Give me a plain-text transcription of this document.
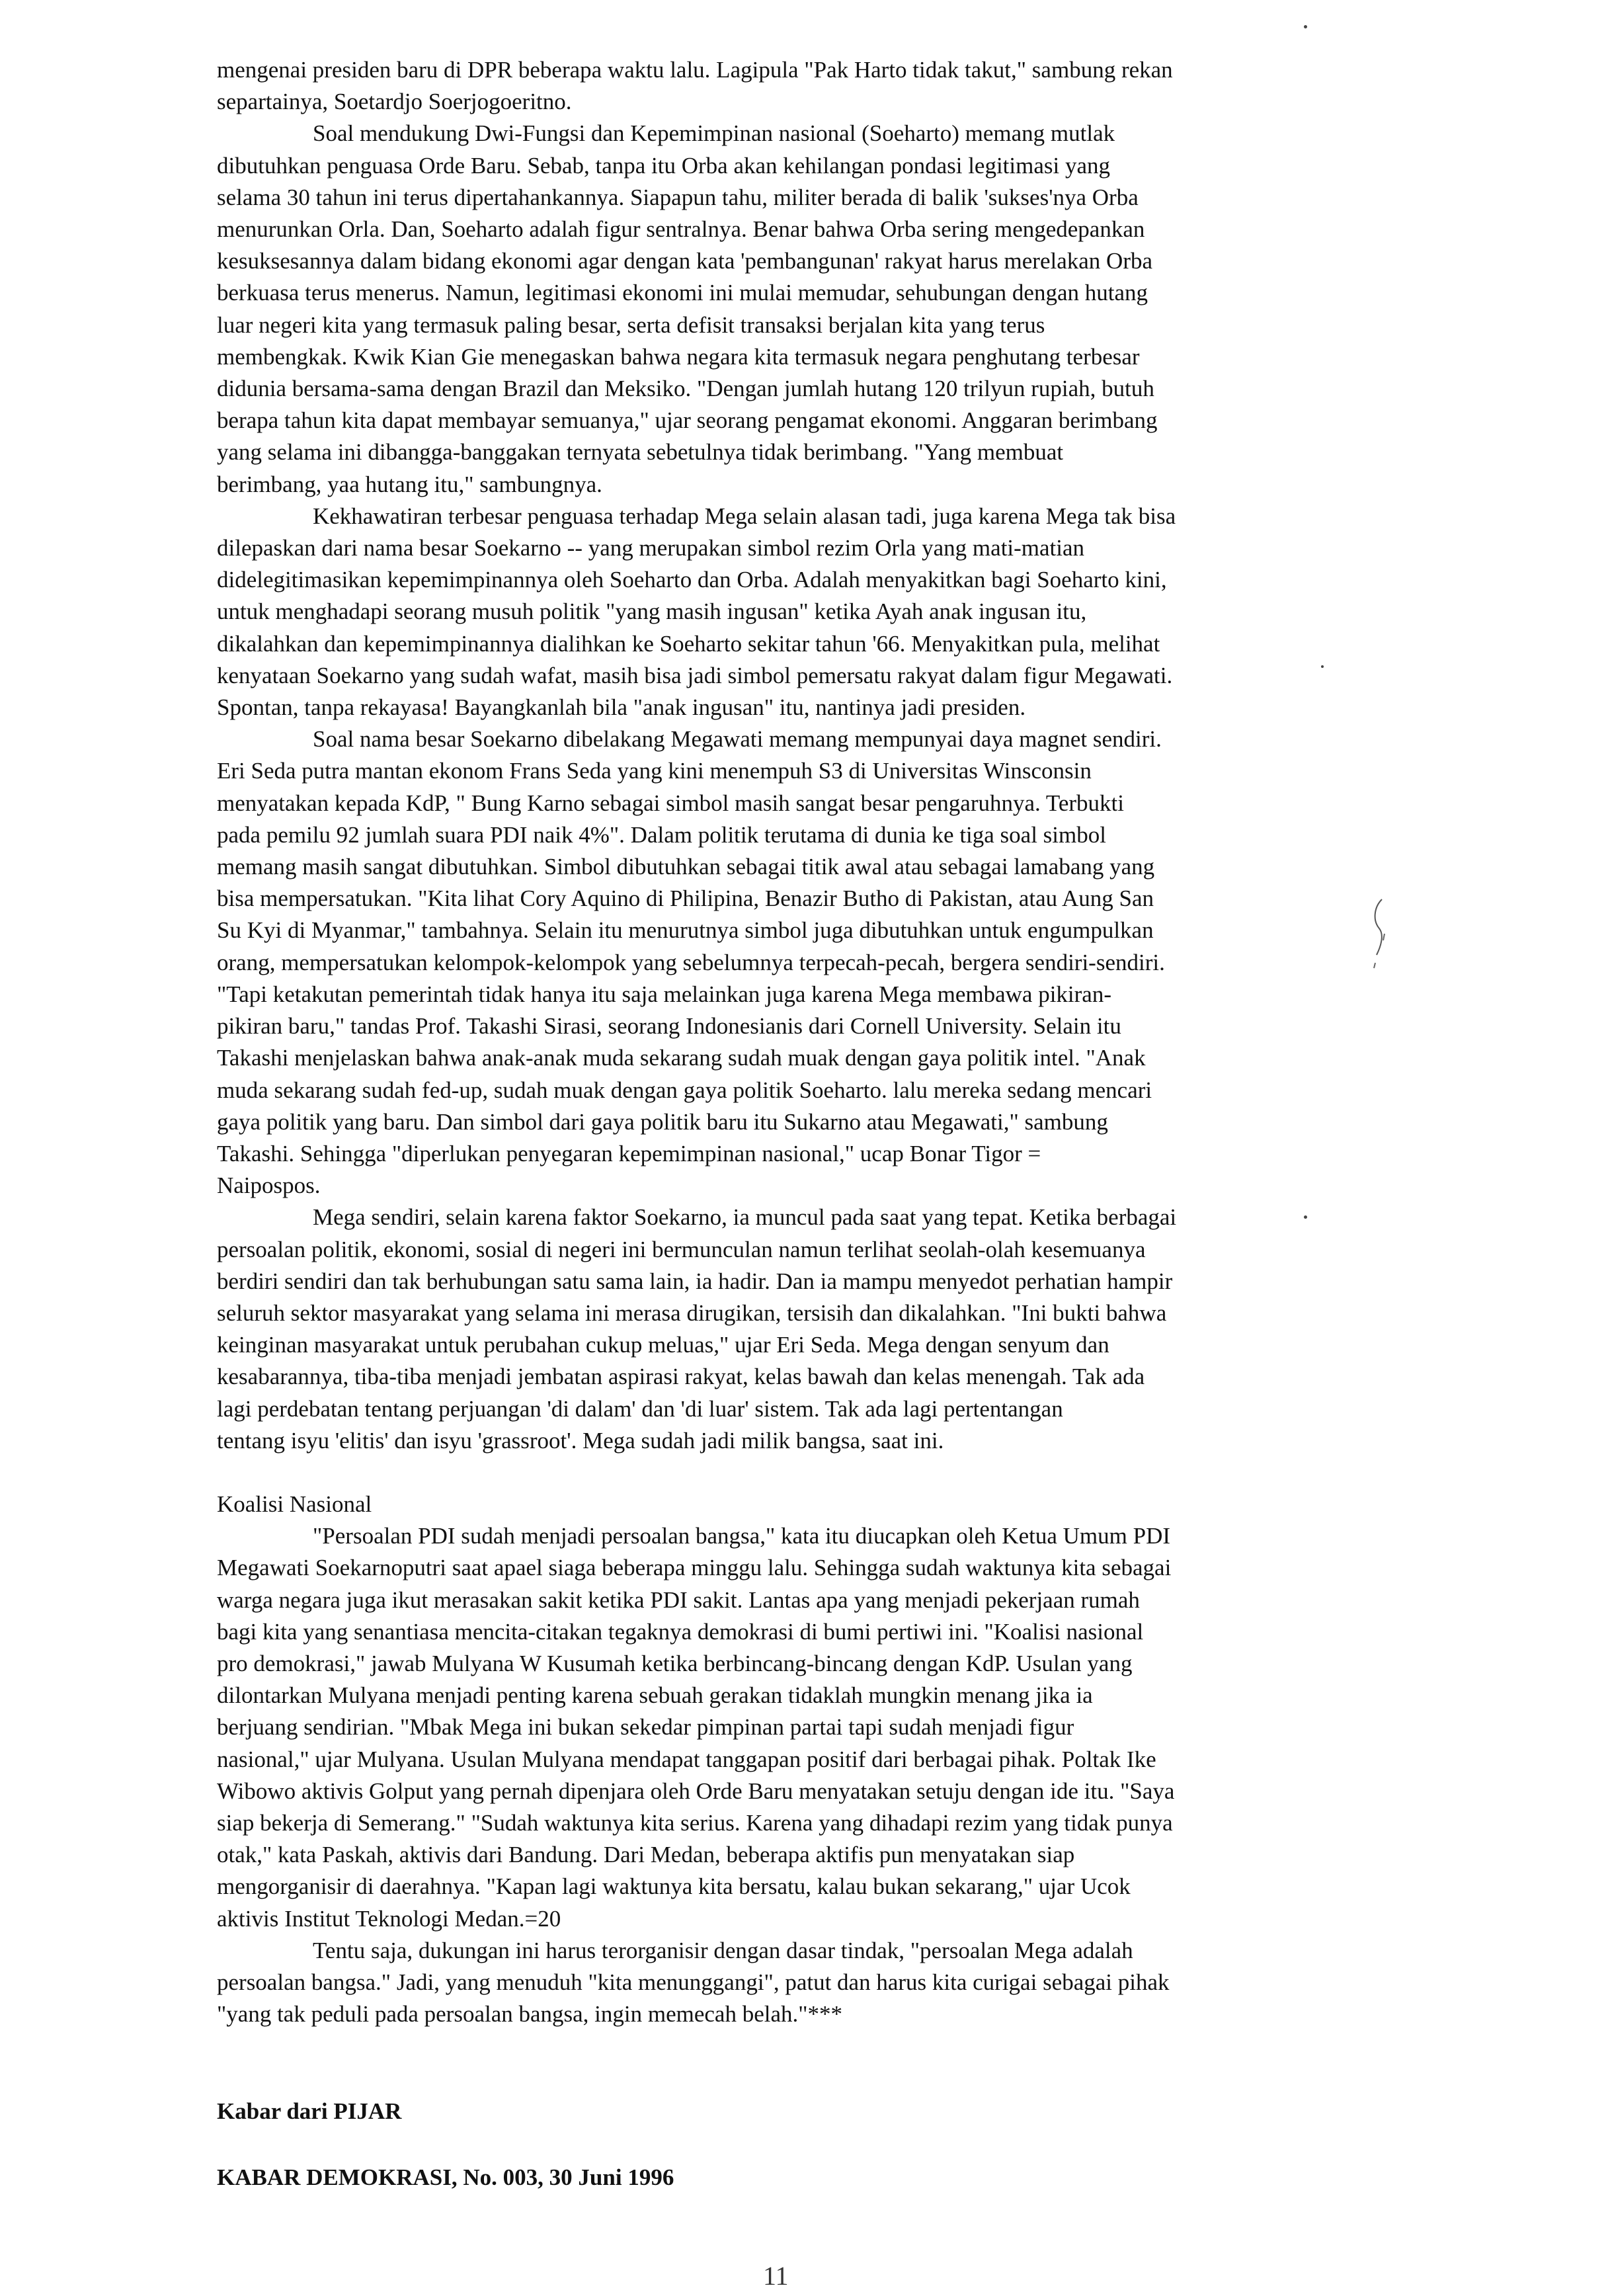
mengenai presiden baru di DPR beberapa waktu lalu. Lagipula "Pak Harto tidak takut," sambung rekan
separtainya, Soetardjo Soerjogoeritno.

Soal mendukung Dwi-Fungsi dan Kepemimpinan nasional (Soeharto) memang mutlak
dibutuhkan penguasa Orde Baru. Sebab, tanpa itu Orba akan kehilangan pondasi legitimasi yang
selama 30 tahun ini terus dipertahankannya. Siapapun tahu, militer berada di balik 'sukses'nya Orba
menurunkan Orla. Dan, Soeharto adalah figur sentralnya. Benar bahwa Orba sering mengedepankan
kesuksesannya dalam bidang ekonomi agar dengan kata 'pembangunan' rakyat harus merelakan Orba
berkuasa terus menerus. Namun, legitimasi ekonomi ini mulai memudar, sehubungan dengan hutang
luar negeri kita yang termasuk paling besar, serta defisit transaksi berjalan kita yang terus
membengkak. Kwik Kian Gie menegaskan bahwa negara kita termasuk negara penghutang terbesar
didunia bersama-sama dengan Brazil dan Meksiko. "Dengan jumlah hutang 120 trilyun rupiah, butuh
berapa tahun kita dapat membayar semuanya," ujar seorang pengamat ekonomi. Anggaran berimbang
yang selama ini dibangga-banggakan ternyata sebetulnya tidak berimbang. "Yang membuat
berimbang, yaa hutang itu," sambungnya.

Kekhawatiran terbesar penguasa terhadap Mega selain alasan tadi, juga karena Mega tak bisa
dilepaskan dari nama besar Soekarno -- yang merupakan simbol rezim Orla yang mati-matian
didelegitimasikan kepemimpinannya oleh Soeharto dan Orba. Adalah menyakitkan bagi Soeharto kini,
untuk menghadapi seorang musuh politik "yang masih ingusan" ketika Ayah anak ingusan itu,
dikalahkan dan kepemimpinannya dialihkan ke Soeharto sekitar tahun '66. Menyakitkan pula, melihat
kenyataan Soekarno yang sudah wafat, masih bisa jadi simbol pemersatu rakyat dalam figur Megawati.
Spontan, tanpa rekayasa! Bayangkanlah bila "anak ingusan" itu, nantinya jadi presiden.

Soal nama besar Soekarno dibelakang Megawati memang mempunyai daya magnet sendiri.
Eri Seda putra mantan ekonom Frans Seda yang kini menempuh S3 di Universitas Winsconsin
menyatakan kepada KdP, " Bung Karno sebagai simbol masih sangat besar pengaruhnya. Terbukti
pada pemilu 92 jumlah suara PDI naik 4%". Dalam politik terutama di dunia ke tiga soal simbol
memang masih sangat dibutuhkan. Simbol dibutuhkan sebagai titik awal atau sebagai lamabang yang
bisa mempersatukan. "Kita lihat Cory Aquino di Philipina, Benazir Butho di Pakistan, atau Aung San
Su Kyi di Myanmar," tambahnya. Selain itu menurutnya simbol juga dibutuhkan untuk engumpulkan
orang, mempersatukan kelompok-kelompok yang sebelumnya terpecah-pecah, bergera sendiri-sendiri.
"Tapi ketakutan pemerintah tidak hanya itu saja melainkan juga karena Mega membawa pikiran-
pikiran baru," tandas Prof. Takashi Sirasi, seorang Indonesianis dari Cornell University. Selain itu
Takashi menjelaskan bahwa anak-anak muda sekarang sudah muak dengan gaya politik intel. "Anak
muda sekarang sudah fed-up, sudah muak dengan gaya politik Soeharto. lalu mereka sedang mencari
gaya politik yang baru. Dan simbol dari gaya politik baru itu Sukarno atau Megawati," sambung
Takashi. Sehingga "diperlukan penyegaran kepemimpinan nasional," ucap Bonar Tigor =
Naipospos.

Mega sendiri, selain karena faktor Soekarno, ia muncul pada saat yang tepat. Ketika berbagai
persoalan politik, ekonomi, sosial di negeri ini bermunculan namun terlihat seolah-olah kesemuanya
berdiri sendiri dan tak berhubungan satu sama lain, ia hadir. Dan ia mampu menyedot perhatian hampir
seluruh sektor masyarakat yang selama ini merasa dirugikan, tersisih dan dikalahkan. "Ini bukti bahwa
keinginan masyarakat untuk perubahan cukup meluas," ujar Eri Seda. Mega dengan senyum dan
kesabarannya, tiba-tiba menjadi jembatan aspirasi rakyat, kelas bawah dan kelas menengah. Tak ada
lagi perdebatan tentang perjuangan 'di dalam' dan 'di luar' sistem. Tak ada lagi pertentangan
tentang isyu 'elitis' dan isyu 'grassroot'. Mega sudah jadi milik bangsa, saat ini.

Koalisi Nasional

"Persoalan PDI sudah menjadi persoalan bangsa," kata itu diucapkan oleh Ketua Umum PDI
Megawati Soekarnoputri saat apael siaga beberapa minggu lalu. Sehingga sudah waktunya kita sebagai
warga negara juga ikut merasakan sakit ketika PDI sakit. Lantas apa yang menjadi pekerjaan rumah
bagi kita yang senantiasa mencita-citakan tegaknya demokrasi di bumi pertiwi ini. "Koalisi nasional
pro demokrasi," jawab Mulyana W Kusumah ketika berbincang-bincang dengan KdP. Usulan yang
dilontarkan Mulyana menjadi penting karena sebuah gerakan tidaklah mungkin menang jika ia
berjuang sendirian. "Mbak Mega ini bukan sekedar pimpinan partai tapi sudah menjadi figur
nasional," ujar Mulyana. Usulan Mulyana mendapat tanggapan positif dari berbagai pihak. Poltak Ike
Wibowo aktivis Golput yang pernah dipenjara oleh Orde Baru menyatakan setuju dengan ide itu. "Saya
siap bekerja di Semerang." "Sudah waktunya kita serius. Karena yang dihadapi rezim yang tidak punya
otak," kata Paskah, aktivis dari Bandung. Dari Medan, beberapa aktifis pun menyatakan siap
mengorganisir di daerahnya. "Kapan lagi waktunya kita bersatu, kalau bukan sekarang," ujar Ucok
aktivis Institut Teknologi Medan.=20

Tentu saja, dukungan ini harus terorganisir dengan dasar tindak, "persoalan Mega adalah
persoalan bangsa." Jadi, yang menuduh "kita menunggangi", patut dan harus kita curigai sebagai pihak
"yang tak peduli pada persoalan bangsa, ingin memecah belah."***

Kabar dari PIJAR

KABAR DEMOKRASI, No. 003, 30 Juni 1996

11
